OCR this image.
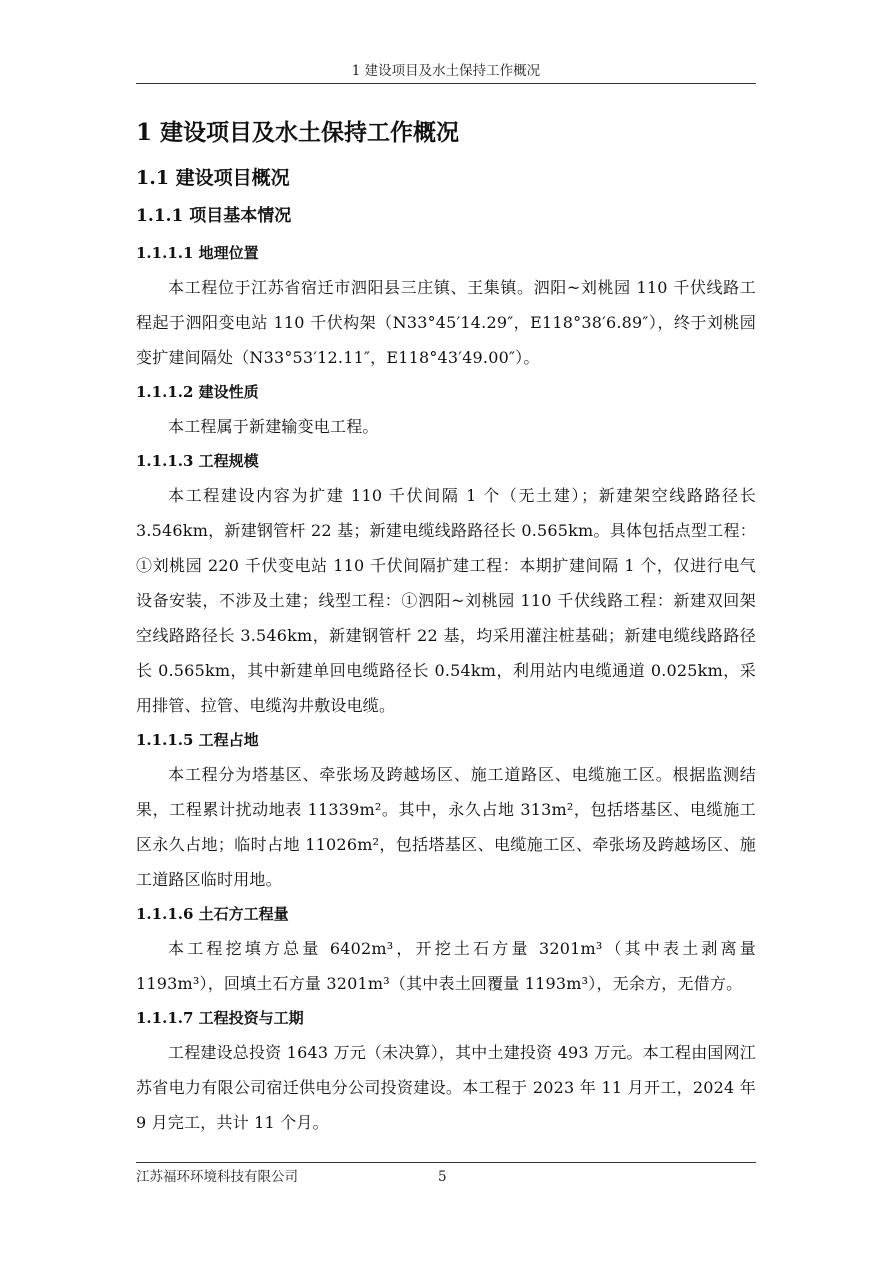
1 建设项目及水土保持工作概况
1 建设项目及水土保持工作概况
1.1 建设项目概况
1.1.1 项目基本情况
1.1.1.1 地理位置

本工程位于江苏省宿迁市泗阳县三庄镇、王集镇。泗阳~刘桃园 110 千伏线路工程起于泗阳变电站 110 千伏构架（N33°45′14.29″，E118°38′6.89″），终于刘桃园变扩建间隔处（N33°53′12.11″，E118°43′49.00″）。

1.1.1.2 建设性质

本工程属于新建输变电工程。

1.1.1.3 工程规模

本工程建设内容为扩建 110 千伏间隔 1 个（无土建）；新建架空线路路径长 3.546km，新建钢管杆 22 基；新建电缆线路路径长 0.565km。具体包括点型工程：①刘桃园 220 千伏变电站 110 千伏间隔扩建工程：本期扩建间隔 1 个，仅进行电气设备安装，不涉及土建；线型工程：①泗阳~刘桃园 110 千伏线路工程：新建双回架空线路路径长 3.546km，新建钢管杆 22 基，均采用灌注桩基础；新建电缆线路路径长 0.565km，其中新建单回电缆路径长 0.54km，利用站内电缆通道 0.025km，采用排管、拉管、电缆沟井敷设电缆。

1.1.1.5 工程占地

本工程分为塔基区、牵张场及跨越场区、施工道路区、电缆施工区。根据监测结果，工程累计扰动地表 11339m²。其中，永久占地 313m²，包括塔基区、电缆施工区永久占地；临时占地 11026m²，包括塔基区、电缆施工区、牵张场及跨越场区、施工道路区临时用地。

1.1.1.6 土石方工程量

本工程挖填方总量 6402m³，开挖土石方量 3201m³（其中表土剥离量 1193m³），回填土石方量 3201m³（其中表土回覆量 1193m³），无余方，无借方。

1.1.1.7 工程投资与工期

工程建设总投资 1643 万元（未决算），其中土建投资 493 万元。本工程由国网江苏省电力有限公司宿迁供电分公司投资建设。本工程于 2023 年 11 月开工，2024 年 9 月完工，共计 11 个月。

江苏福环环境科技有限公司	5
